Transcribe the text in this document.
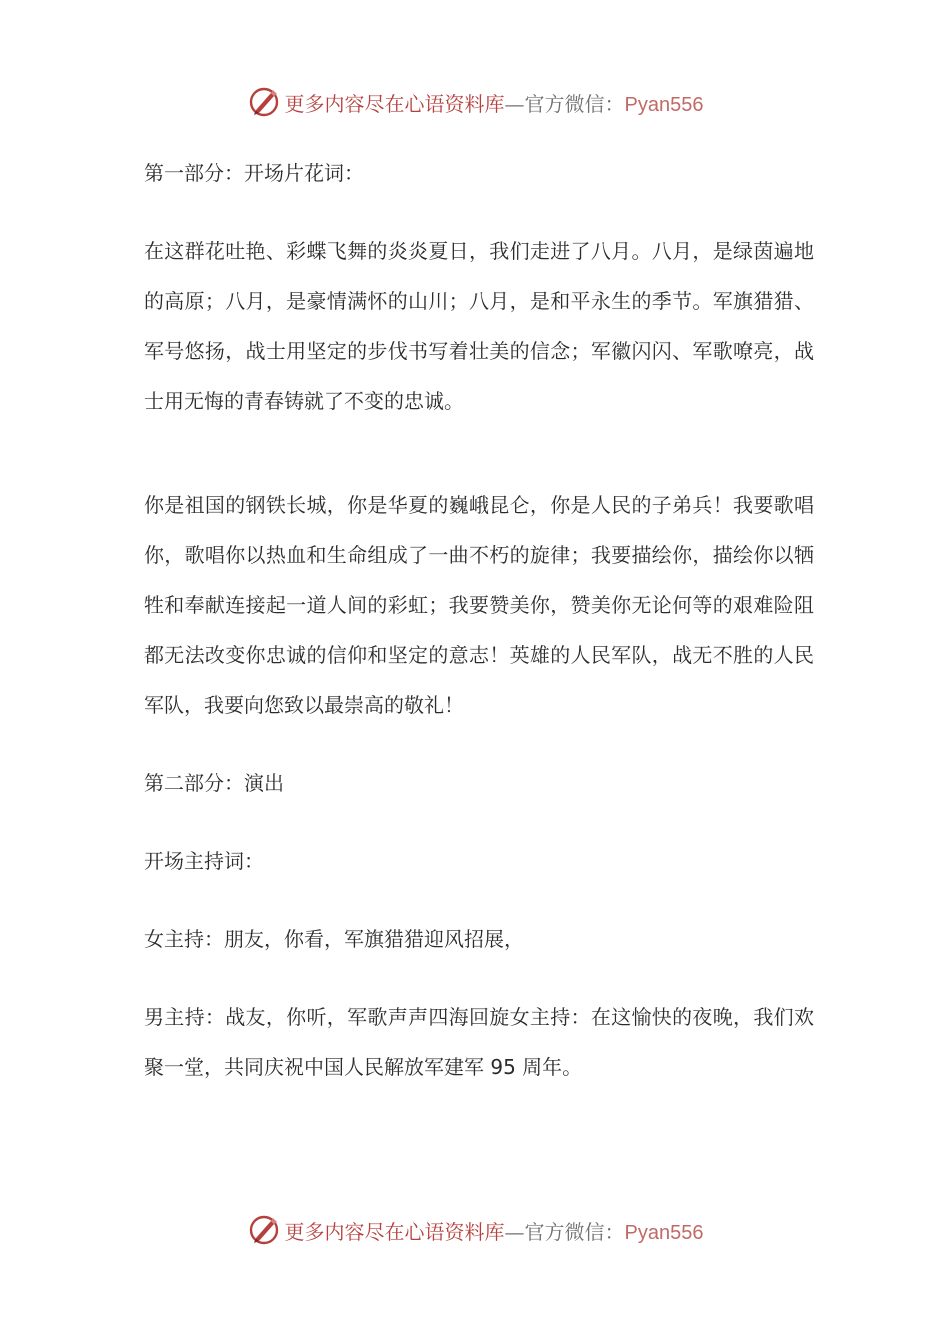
更多内容尽在心语资料库—官方微信：Pyan556

第一部分：开场片花词：

在这群花吐艳、彩蝶飞舞的炎炎夏日，我们走进了八月。八月，是绿茵遍地的高原；八月，是豪情满怀的山川；八月，是和平永生的季节。军旗猎猎、军号悠扬，战士用坚定的步伐书写着壮美的信念；军徽闪闪、军歌嘹亮，战士用无悔的青春铸就了不变的忠诚。

你是祖国的钢铁长城，你是华夏的巍峨昆仑，你是人民的子弟兵！我要歌唱你，歌唱你以热血和生命组成了一曲不朽的旋律；我要描绘你，描绘你以牺牲和奉献连接起一道人间的彩虹；我要赞美你，赞美你无论何等的艰难险阻都无法改变你忠诚的信仰和坚定的意志！英雄的人民军队，战无不胜的人民军队，我要向您致以最崇高的敬礼！

第二部分：演出

开场主持词：

女主持：朋友，你看，军旗猎猎迎风招展，

男主持：战友，你听，军歌声声四海回旋女主持：在这愉快的夜晚，我们欢聚一堂，共同庆祝中国人民解放军建军 95 周年。

更多内容尽在心语资料库—官方微信：Pyan556
